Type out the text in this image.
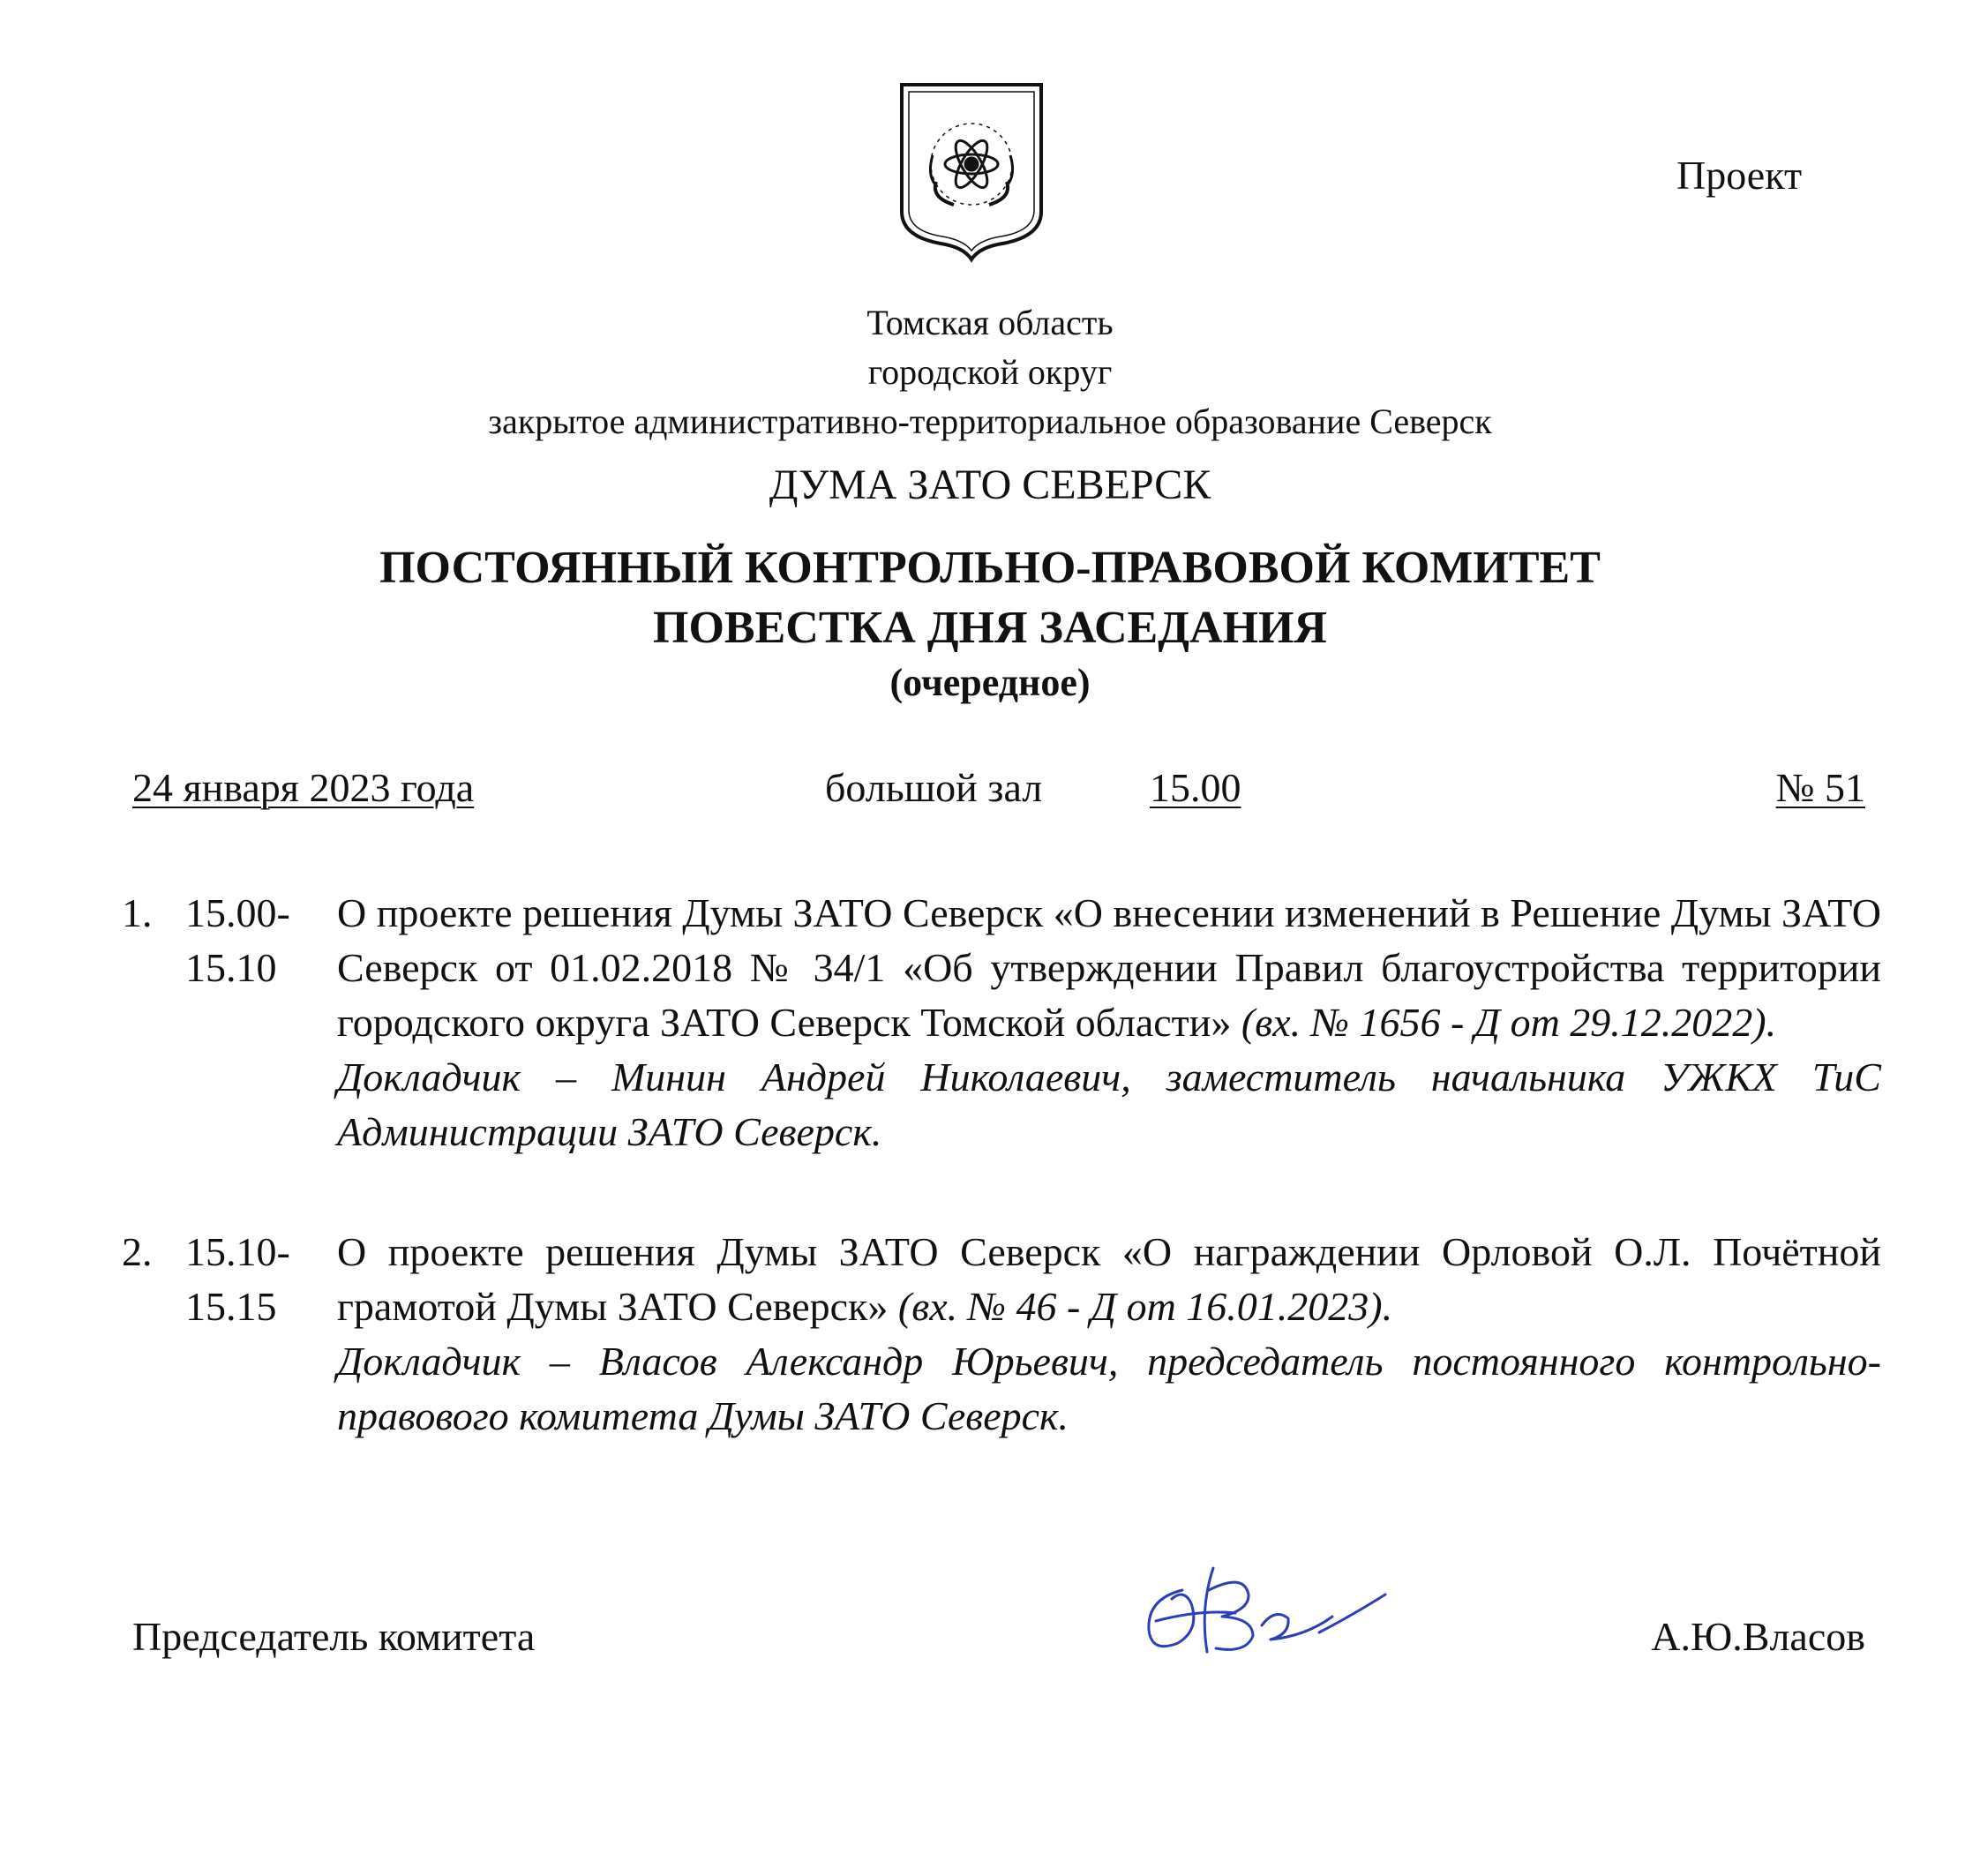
Проект
Томская область
городской округ
закрытое административно-территориальное образование Северск
ДУМА ЗАТО СЕВЕРСК
ПОСТОЯННЫЙ КОНТРОЛЬНО-ПРАВОВОЙ КОМИТЕТ
ПОВЕСТКА ДНЯ ЗАСЕДАНИЯ
(очередное)
24 января 2023 года	большой зал	15.00	№ 51
1. 15.00-
15.10

О проекте решения Думы ЗАТО Северск «О внесении изменений в Решение Думы ЗАТО Северск от 01.02.2018 № 34/1 «Об утверждении Правил благоустройства территории городского округа ЗАТО Северск Томской области» (вх. № 1656 - Д от 29.12.2022).

Докладчик – Минин Андрей Николаевич, заместитель начальника УЖКХ ТиС Администрации ЗАТО Северск.

2. 15.10-
15.15

О проекте решения Думы ЗАТО Северск «О награждении Орловой О.Л. Почётной грамотой Думы ЗАТО Северск» (вх. № 46 - Д от 16.01.2023).

Докладчик – Власов Александр Юрьевич, председатель постоянного контрольно-правового комитета Думы ЗАТО Северск.

Председатель комитета	А.Ю.Власов
